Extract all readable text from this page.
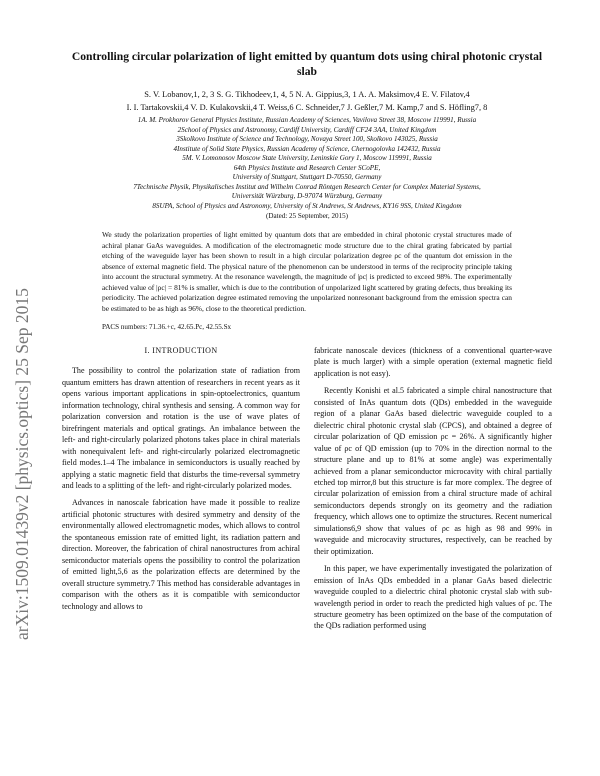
arXiv:1509.01439v2 [physics.optics] 25 Sep 2015
Controlling circular polarization of light emitted by quantum dots using chiral photonic crystal slab
S. V. Lobanov,1, 2, 3 S. G. Tikhodeev,1, 4, 5 N. A. Gippius,3, 1 A. A. Maksimov,4 E. V. Filatov,4
I. I. Tartakovskii,4 V. D. Kulakovskii,4 T. Weiss,6 C. Schneider,7 J. Geßler,7 M. Kamp,7 and S. Höfling7, 8
1A. M. Prokhorov General Physics Institute, Russian Academy of Sciences, Vavilova Street 38, Moscow 119991, Russia
2School of Physics and Astronomy, Cardiff University, Cardiff CF24 3AA, United Kingdom
3Skolkovo Institute of Science and Technology, Novaya Street 100, Skolkovo 143025, Russia
4Institute of Solid State Physics, Russian Academy of Science, Chernogolovka 142432, Russia
5M. V. Lomonosov Moscow State University, Leninskie Gory 1, Moscow 119991, Russia
64th Physics Institute and Research Center SCoPE,
University of Stuttgart, Stuttgart D-70550, Germany
7Technische Physik, Physikalisches Institut and Wilhelm Conrad Röntgen Research Center for Complex Material Systems,
Universität Würzburg, D-97074 Würzburg, Germany
8SUPA, School of Physics and Astronomy, University of St Andrews, St Andrews, KY16 9SS, United Kingdom
(Dated: 25 September, 2015)
We study the polarization properties of light emitted by quantum dots that are embedded in chiral photonic crystal structures made of achiral planar GaAs waveguides. A modification of the electromagnetic mode structure due to the chiral grating fabricated by partial etching of the waveguide layer has been shown to result in a high circular polarization degree ρc of the quantum dot emission in the absence of external magnetic field. The physical nature of the phenomenon can be understood in terms of the reciprocity principle taking into account the structural symmetry. At the resonance wavelength, the magnitude of |ρc| is predicted to exceed 98%. The experimentally achieved value of |ρc| = 81% is smaller, which is due to the contribution of unpolarized light scattered by grating defects, thus breaking its periodicity. The achieved polarization degree estimated removing the unpolarized nonresonant background from the emission spectra can be estimated to be as high as 96%, close to the theoretical prediction.
PACS numbers: 71.36.+c, 42.65.Pc, 42.55.Sx
I. INTRODUCTION

The possibility to control the polarization state of radiation from quantum emitters has drawn attention of researchers in recent years as it opens various important applications in spin-optoelectronics, quantum information technology, chiral synthesis and sensing. A common way for polarization conversion and rotation is the use of wave plates of birefringent materials and optical gratings. An imbalance between the left- and right-circularly polarized photons takes place in chiral materials with nonequivalent left- and right-circularly polarized electromagnetic field modes.1–4 The imbalance in semiconductors is usually reached by applying a static magnetic field that disturbs the time-reversal symmetry and leads to a splitting of the left- and right-circularly polarized modes.

Advances in nanoscale fabrication have made it possible to realize artificial photonic structures with desired symmetry and density of the environmentally allowed electromagnetic modes, which allows to control the spontaneous emission rate of emitted light, its radiation pattern and direction. Moreover, the fabrication of chiral nanostructures from achiral semiconductor materials opens the possibility to control the polarization of emitted light,5,6 as the polarization effects are determined by the overall structure symmetry.7 This method has considerable advantages in comparison with the others as it is compatible with semiconductor technology and allows to

fabricate nanoscale devices (thickness of a conventional quarter-wave plate is much larger) with a simple operation (external magnetic field application is not easy).

Recently Konishi et al.5 fabricated a simple chiral nanostructure that consisted of InAs quantum dots (QDs) embedded in the waveguide region of a planar GaAs based dielectric waveguide coupled to a dielectric chiral photonic crystal slab (CPCS), and obtained a degree of circular polarization of QD emission ρc = 26%. A significantly higher value of ρc of QD emission (up to 70% in the direction normal to the structure plane and up to 81% at some angle) was experimentally achieved from a planar semiconductor microcavity with chiral partially etched top mirror,8 but this structure is far more complex. The degree of circular polarization of emission from a chiral structure made of achiral semiconductors depends strongly on its geometry and the radiation frequency, which allows one to optimize the structures. Recent numerical simulations6,9 show that values of ρc as high as 98 and 99% in waveguide and microcavity structures, respectively, can be reached by their optimization.

In this paper, we have experimentally investigated the polarization of emission of InAs QDs embedded in a planar GaAs based dielectric waveguide coupled to a dielectric chiral photonic crystal slab with sub-wavelength period in order to reach the predicted high values of ρc. The structure geometry has been optimized on the base of the computation of the QDs radiation performed using
